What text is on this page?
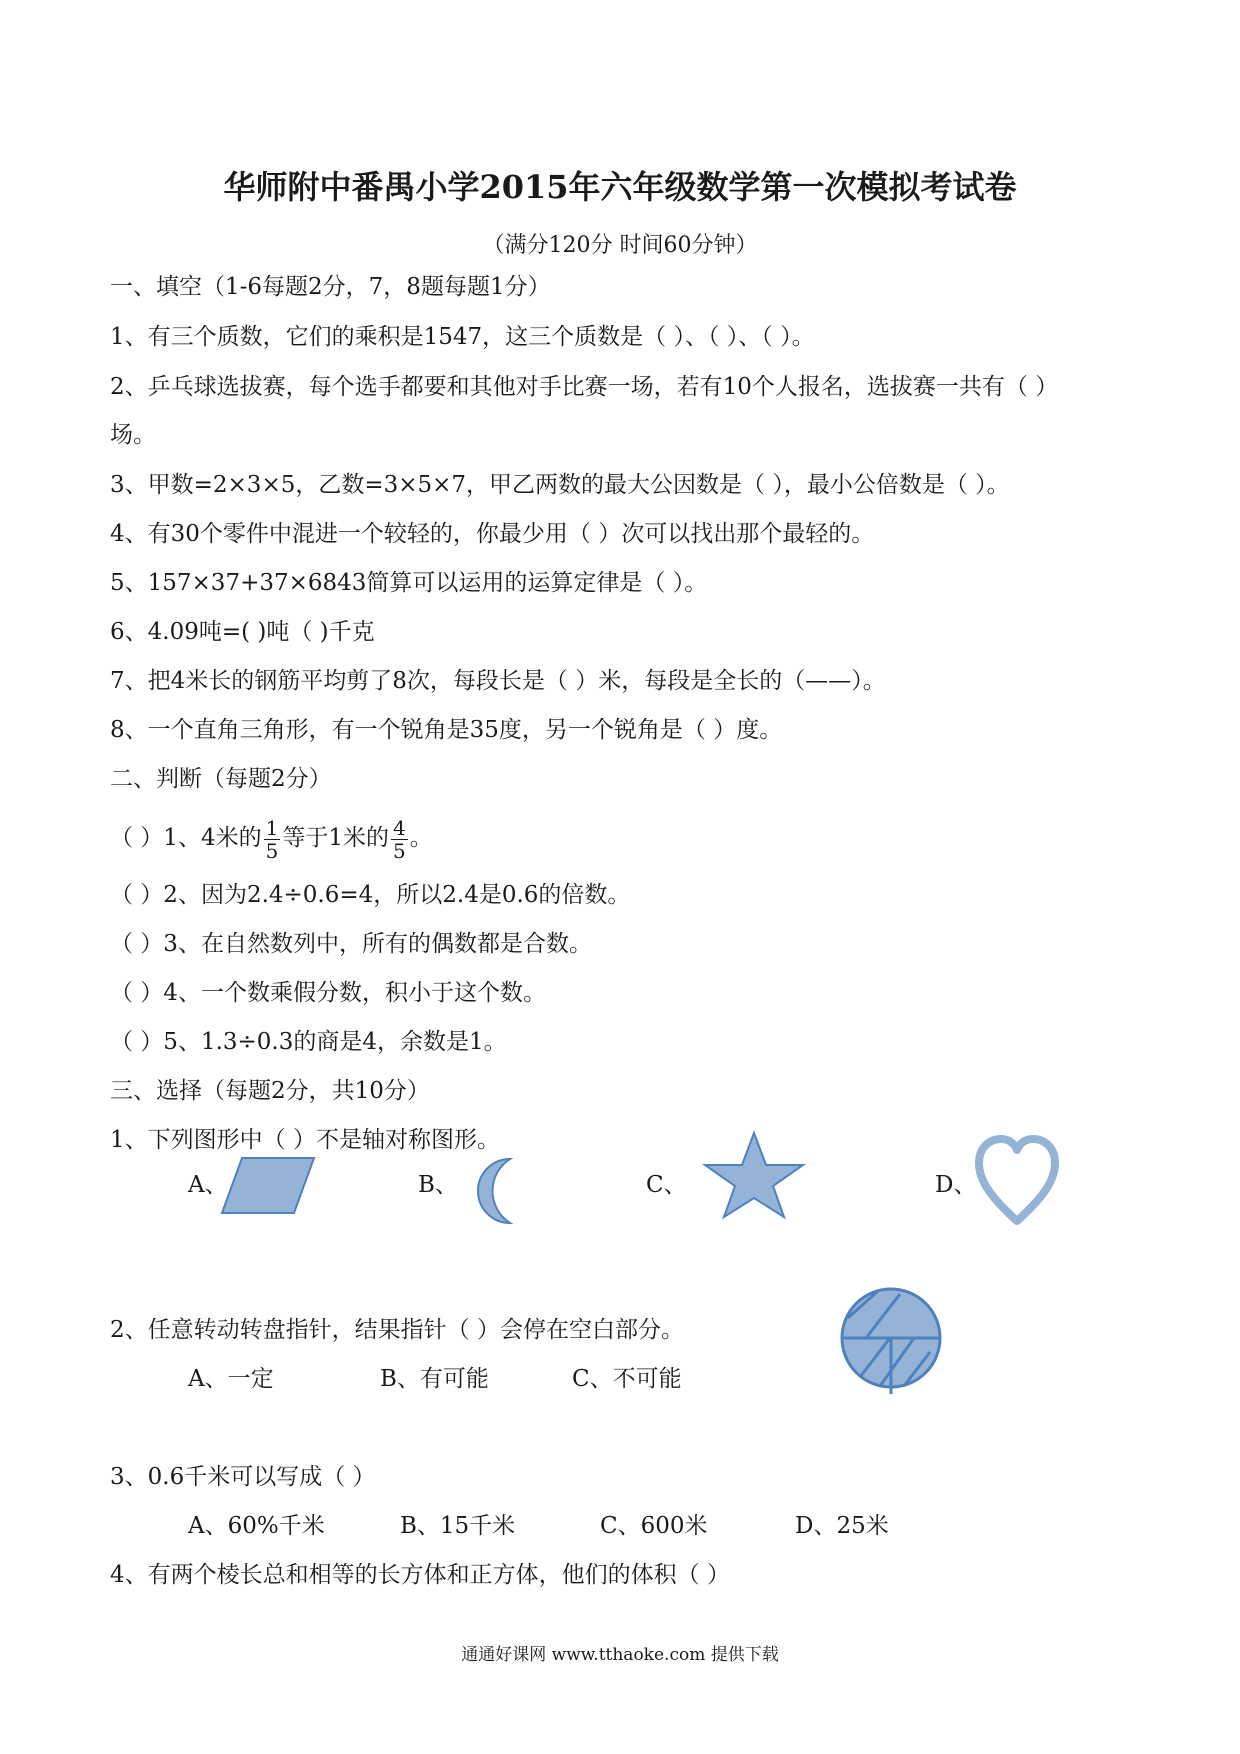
华师附中番禺小学2015年六年级数学第一次模拟考试卷
（满分120分 时间60分钟）
一、填空（1-6每题2分，7，8题每题1分）
1、有三个质数，它们的乘积是1547，这三个质数是（ ）、（ ）、（ ）。
2、乒乓球选拔赛，每个选手都要和其他对手比赛一场，若有10个人报名，选拔赛一共有（ ）
场。
3、甲数=2×3×5，乙数=3×5×7，甲乙两数的最大公因数是（ ），最小公倍数是（ ）。
4、有30个零件中混进一个较轻的，你最少用（ ）次可以找出那个最轻的。
5、157×37+37×6843简算可以运用的运算定律是（ ）。
6、4.09吨=( )吨（ )千克
7、把4米长的钢筋平均剪了8次，每段长是（ ）米，每段是全长的（——）。
8、一个直角三角形，有一个锐角是35度，另一个锐角是（ ）度。
二、判断（每题2分）
（ ）1、4米的 $\frac{1}{5}$ 等于1米的 $\frac{4}{5}$ 。
（ ）2、因为2.4÷0.6=4，所以2.4是0.6的倍数。
（ ）3、在自然数列中，所有的偶数都是合数。
（ ）4、一个数乘假分数，积小于这个数。
（ ）5、1.3÷0.3的商是4，余数是1。
三、选择（每题2分，共10分）
1、下列图形中（ ）不是轴对称图形。
A、	B、	C、	D、
2、任意转动转盘指针，结果指针（ ）会停在空白部分。
A、一定	B、有可能	C、不可能
3、0.6千米可以写成（ ）
A、60%千米	B、15千米	C、600米	D、25米
4、有两个棱长总和相等的长方体和正方体，他们的体积（ ）
通通好课网 www.tthaoke.com 提供下载
